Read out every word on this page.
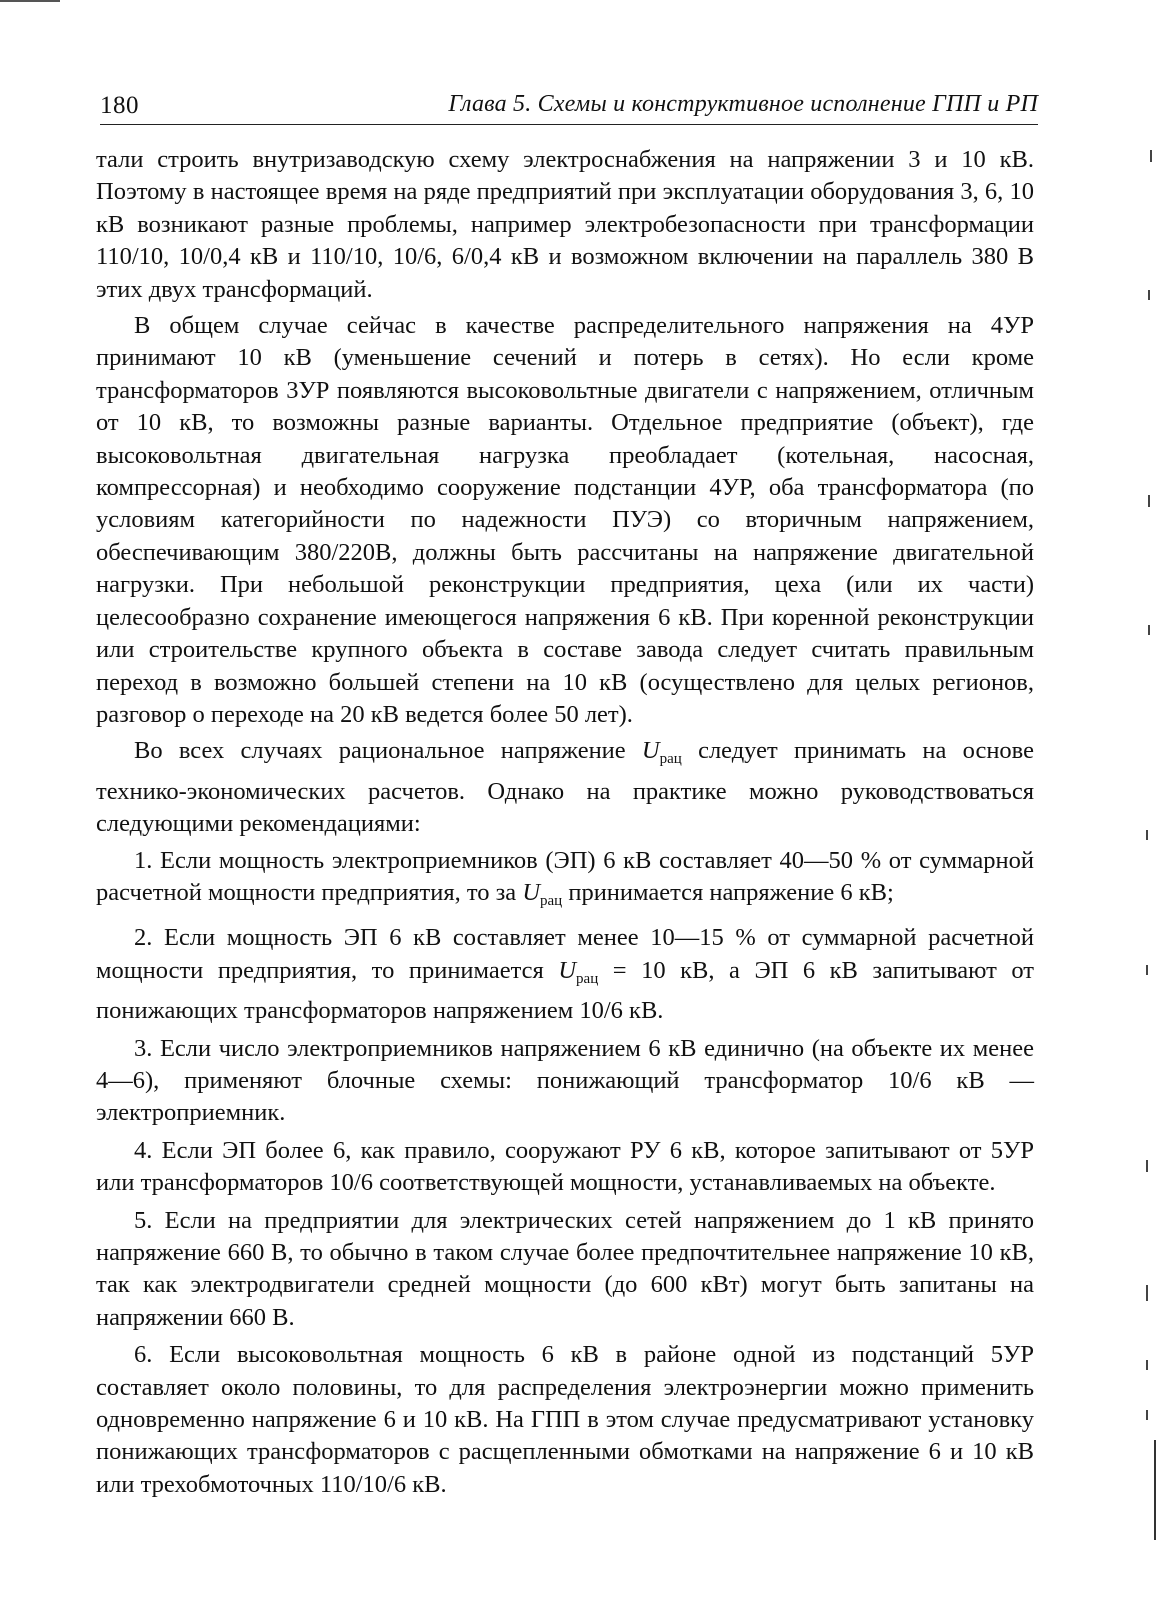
180	Глава 5. Схемы и конструктивное исполнение ГПП и РП

тали строить внутризаводскую схему электроснабжения на напряжении 3 и 10 кВ. Поэтому в настоящее время на ряде предприятий при эксплуатации оборудования 3, 6, 10 кВ возникают разные проблемы, например электробезопасности при трансформации 110/10, 10/0,4 кВ и 110/10, 10/6, 6/0,4 кВ и возможном включении на параллель 380 В этих двух трансформаций.

В общем случае сейчас в качестве распределительного напряжения на 4УР принимают 10 кВ (уменьшение сечений и потерь в сетях). Но если кроме трансформаторов 3УР появляются высоковольтные двигатели с напряжением, отличным от 10 кВ, то возможны разные варианты. Отдельное предприятие (объект), где высоковольтная двигательная нагрузка преобладает (котельная, насосная, компрессорная) и необходимо сооружение подстанции 4УР, оба трансформатора (по условиям категорийности по надежности ПУЭ) со вторичным напряжением, обеспечивающим 380/220В, должны быть рассчитаны на напряжение двигательной нагрузки. При небольшой реконструкции предприятия, цеха (или их части) целесообразно сохранение имеющегося напряжения 6 кВ. При коренной реконструкции или строительстве крупного объекта в составе завода следует считать правильным переход в возможно большей степени на 10 кВ (осуществлено для целых регионов, разговор о переходе на 20 кВ ведется более 50 лет).

Во всех случаях рациональное напряжение $U_{рац}$ следует принимать на основе технико-экономических расчетов. Однако на практике можно руководствоваться следующими рекомендациями:

1. Если мощность электроприемников (ЭП) 6 кВ составляет 40—50 % от суммарной расчетной мощности предприятия, то за $U_{рац}$ принимается напряжение 6 кВ;

2. Если мощность ЭП 6 кВ составляет менее 10—15 % от суммарной расчетной мощности предприятия, то принимается $U_{рац} = 10$ кВ, а ЭП 6 кВ запитывают от понижающих трансформаторов напряжением 10/6 кВ.

3. Если число электроприемников напряжением 6 кВ единично (на объекте их менее 4—6), применяют блочные схемы: понижающий трансформатор 10/6 кВ — электроприемник.

4. Если ЭП более 6, как правило, сооружают РУ 6 кВ, которое запитывают от 5УР или трансформаторов 10/6 соответствующей мощности, устанавливаемых на объекте.

5. Если на предприятии для электрических сетей напряжением до 1 кВ принято напряжение 660 В, то обычно в таком случае более предпочтительнее напряжение 10 кВ, так как электродвигатели средней мощности (до 600 кВт) могут быть запитаны на напряжении 660 В.

6. Если высоковольтная мощность 6 кВ в районе одной из подстанций 5УР составляет около половины, то для распределения электроэнергии можно применить одновременно напряжение 6 и 10 кВ. На ГПП в этом случае предусматривают установку понижающих трансформаторов с расщепленными обмотками на напряжение 6 и 10 кВ или трехобмоточных 110/10/6 кВ.
